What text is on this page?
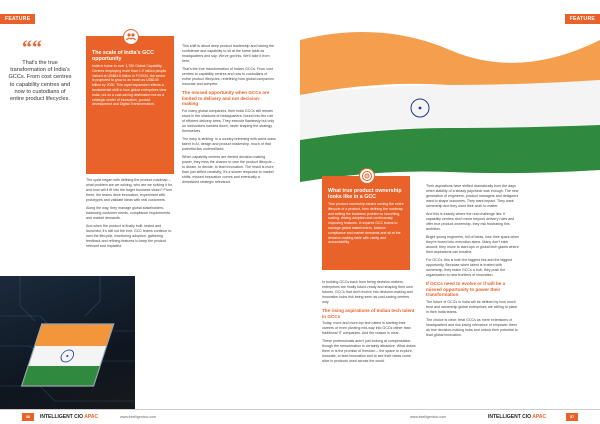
FEATURE
““
That's the true transformation of India's GCCs. From cost centres to capability centres and now to custodians of entire product lifecycles.
The scale of India's GCC opportunity

India is home to over 1,750 Global Capability Centres employing more than 1.9 million people. Valued at US$64.6 billion in FY2024, the sector is projected to grow to as much as US$100 billion by 2030. This rapid expansion reflects a fundamental shift in how global enterprises view India, not as a cost-saving destination but as a strategic center of innovation, product development and Digital Transformation.

The cycle began with defining the product roadmap – what problem are we solving, who are we solving it for and how will it fit into the larger business vision? From there, the teams drive innovation, experiment with prototypes and validate ideas with real customers.

Along the way, they manage global stakeholders, balancing customer needs, compliance requirements and market demands.

And when the product is finally built, tested and launched, it's still not the end. GCC teams continue to own the lifecycle, monitoring adoption, gathering feedback and refining features to keep the product relevant and impactful.

This shift is about deep product leadership and having the confidence and capability to sit at the same table as headquarters and say: We've got this. We'll take it from here.

That's the true transformation of India's GCCs. From cost centres to capability centres and now to custodians of entire product lifecycles, redefining how global companies innovate and compete.

The missed opportunity when GCCs are limited to delivery and not decision-making

For many global companies, their India GCCs still remain stuck in the shadows of headquarters, bound into the role of efficient delivery arms. They execute flawlessly but only on instructions handed down, never shaping the strategy themselves.

The irony is striking: in a country brimming with world-class talent in AI, design and product leadership, much of that potential lies underutilized.

When capability centres are denied decision-making power, they miss the chance to own the product lifecycle – to dream, to decide, to lead innovation. The result is more than just stifled creativity; it's a slower response to market shifts, missed innovation curves and eventually a diminished strategic relevance.

36	INTELLIGENT CIO APAC	www.intelligentcio.com
FEATURE
What true product ownership looks like in a GCC

True product ownership means owning the entire lifecycle of a product, from defining the roadmap and setting the business problem to launching, scaling, driving adoption and continuously improving features. It requires GCC teams to manage global stakeholders, balance compliance and market demands and sit at the decision-making table with clarity and accountability.

In building GCCs back from being decision-makers, enterprises are finally future-ready and shaping their own futures. GCCs that don't evolve into decision-making and innovation hubs risk being seen as cost-saving centres only.

The rising aspirations of Indian tech talent in GCCs

Today, more and more top tech talent is starting their careers or even pivoting mid-way into GCCs rather than traditional IT companies. And the reason is clear.

These professionals aren't just looking at compensation, though the remuneration is certainly attractive. What draws them in is the promise of freedom – the space to explore, innovate, to lead innovation and to see their ideas come alive in products used across the world.

Their aspirations have shifted dramatically from the days when stability of a steady paycheck was enough. The new generation of engineers, product managers and designers want to shape outcomes. They want impact. They want ownership and they want their work to matter.

And this is exactly where the real challenge lies. If capability centres don't move beyond delivery roles and offer true product ownership, they risk frustrating this ambition.

Bright young engineers, full of ideas, lose their spark when they're boxed into execution alone. Many don't stick around; they move to start-ups or global tech giants where their aspirations can breathe.

For GCCs, this is both the biggest risk and the biggest opportunity. Because when talent is trusted with ownership, they make GCCs a hub, they push the organisation to new frontiers of innovation.

If GCCs need to evolve or if will be a missed opportunity to power their transformation

The future of GCCs in India will be defined by how much trust and ownership global enterprises are willing to place in their India teams.

The choice is clear: treat GCCs as mere extensions of headquarters and risk losing relevance or empower them as true decision-making hubs and unlock their potential to lead global innovation.

www.intelligentcio.com	INTELLIGENT CIO APAC	37
